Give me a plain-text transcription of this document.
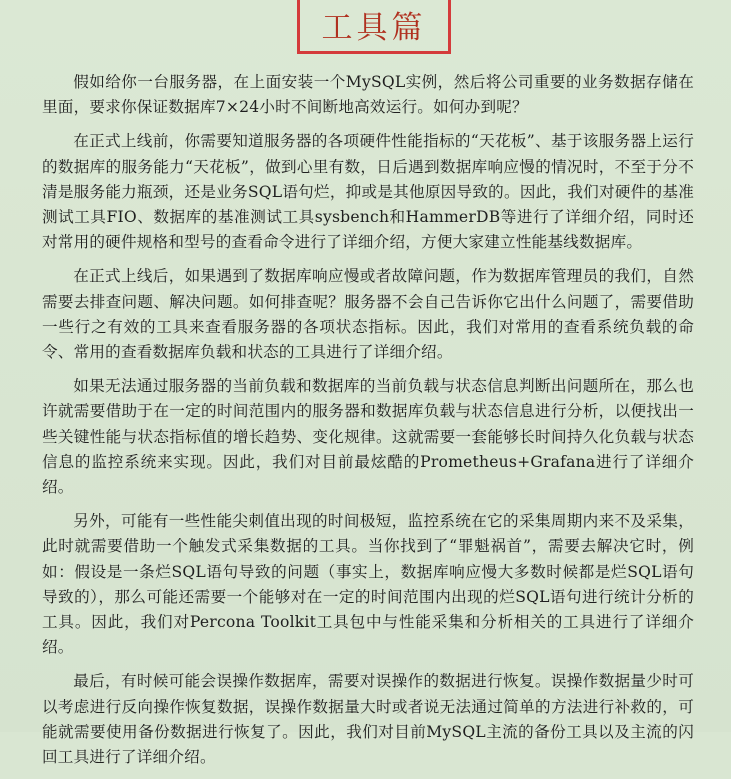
工具篇

假如给你一台服务器，在上面安装一个MySQL实例，然后将公司重要的业务数据存储在里面，要求你保证数据库7×24小时不间断地高效运行。如何办到呢？

在正式上线前，你需要知道服务器的各项硬件性能指标的“天花板”、基于该服务器上运行的数据库的服务能力“天花板”，做到心里有数，日后遇到数据库响应慢的情况时，不至于分不清是服务能力瓶颈，还是业务SQL语句烂，抑或是其他原因导致的。因此，我们对硬件的基准测试工具FIO、数据库的基准测试工具sysbench和HammerDB等进行了详细介绍，同时还对常用的硬件规格和型号的查看命令进行了详细介绍，方便大家建立性能基线数据库。

在正式上线后，如果遇到了数据库响应慢或者故障问题，作为数据库管理员的我们，自然需要去排查问题、解决问题。如何排查呢？服务器不会自己告诉你它出什么问题了，需要借助一些行之有效的工具来查看服务器的各项状态指标。因此，我们对常用的查看系统负载的命令、常用的查看数据库负载和状态的工具进行了详细介绍。

如果无法通过服务器的当前负载和数据库的当前负载与状态信息判断出问题所在，那么也许就需要借助于在一定的时间范围内的服务器和数据库负载与状态信息进行分析，以便找出一些关键性能与状态指标值的增长趋势、变化规律。这就需要一套能够长时间持久化负载与状态信息的监控系统来实现。因此，我们对目前最炫酷的Prometheus+Grafana进行了详细介绍。

另外，可能有一些性能尖刺值出现的时间极短，监控系统在它的采集周期内来不及采集，此时就需要借助一个触发式采集数据的工具。当你找到了“罪魁祸首”，需要去解决它时，例如：假设是一条烂SQL语句导致的问题（事实上，数据库响应慢大多数时候都是烂SQL语句导致的），那么可能还需要一个能够对在一定的时间范围内出现的烂SQL语句进行统计分析的工具。因此，我们对Percona Toolkit工具包中与性能采集和分析相关的工具进行了详细介绍。

最后，有时候可能会误操作数据库，需要对误操作的数据进行恢复。误操作数据量少时可以考虑进行反向操作恢复数据，误操作数据量大时或者说无法通过简单的方法进行补救的，可能就需要使用备份数据进行恢复了。因此，我们对目前MySQL主流的备份工具以及主流的闪回工具进行了详细介绍。
